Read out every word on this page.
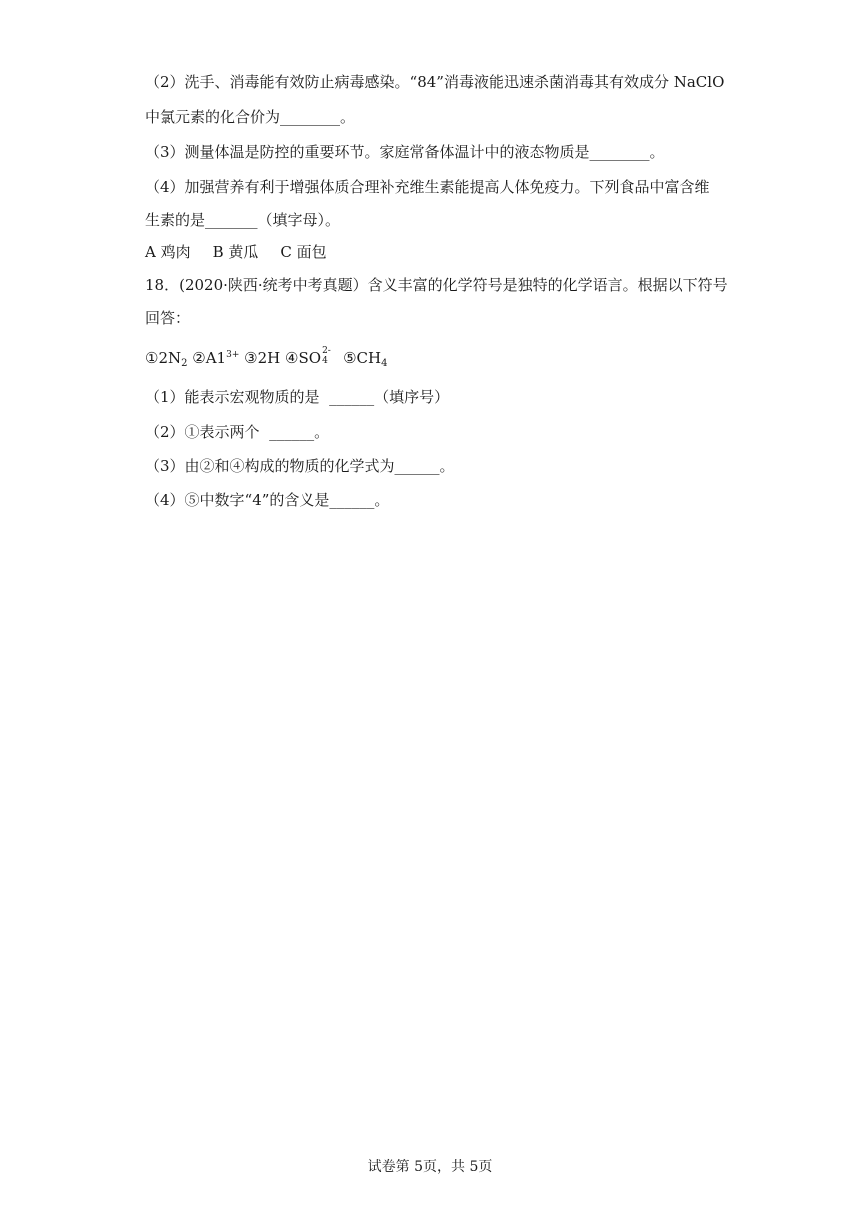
（2）洗手、消毒能有效防止病毒感染。“84”消毒液能迅速杀菌消毒其有效成分 NaClO
中氯元素的化合价为________。
（3）测量体温是防控的重要环节。家庭常备体温计中的液态物质是________。
（4）加强营养有利于增强体质合理补充维生素能提高人体免疫力。下列食品中富含维
生素的是_______（填字母）。
A 鸡肉 B 黄瓜 C 面包
18．(2020·陕西·统考中考真题）含义丰富的化学符号是独特的化学语言。根据以下符号
回答：
$①2N_2$ $②A1^{3+}$ ③2H ④SO 2-
4 $⑤CH_4$
（1）能表示宏观物质的是  ______（填序号）
（2）①表示两个  ______。
（3）由②和④构成的物质的化学式为______。
（4）⑤中数字“4”的含义是______。
试卷第 5页，共 5页
